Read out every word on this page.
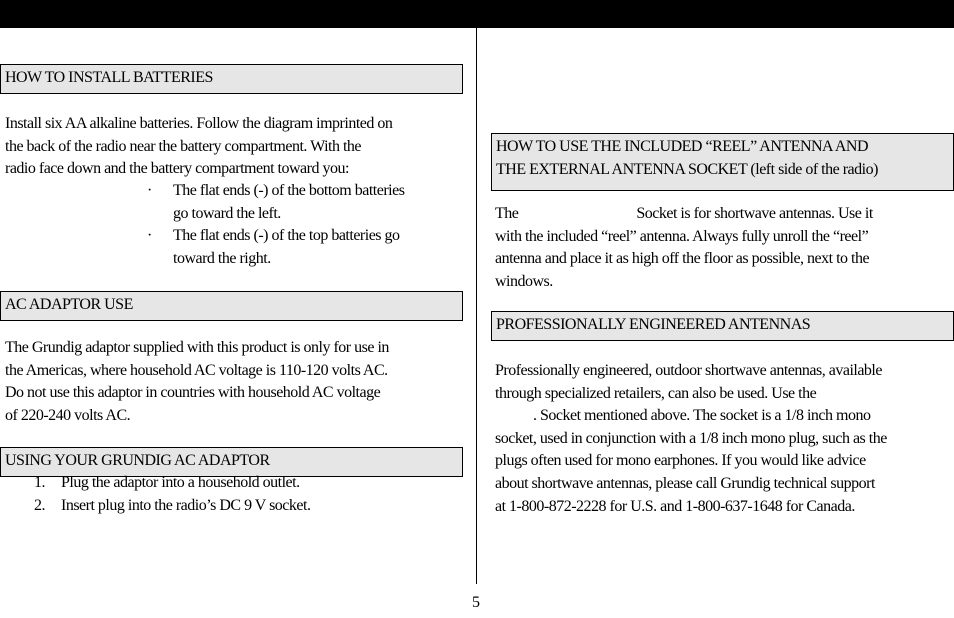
HOW TO INSTALL BATTERIES
Install six AA alkaline batteries. Follow the diagram imprinted on
the back of the radio near the battery compartment. With the
radio face down and the battery compartment toward you:
· The flat ends (-) of the bottom batteries
go toward the left.
· The flat ends (-) of the top batteries go
toward the right.
AC ADAPTOR USE
The Grundig adaptor supplied with this product is only for use in
the Americas, where household AC voltage is 110-120 volts AC.
Do not use this adaptor in countries with household AC voltage
of 220-240 volts AC.
USING YOUR GRUNDIG AC ADAPTOR
1. Plug the adaptor into a household outlet.
2. Insert plug into the radio’s DC 9 V socket.
HOW TO USE THE INCLUDED “REEL” ANTENNA AND
THE EXTERNAL ANTENNA SOCKET (left side of the radio)
The	Socket is for shortwave antennas. Use it
with the included “reel” antenna. Always fully unroll the “reel”
antenna and place it as high off the floor as possible, next to the
windows.
PROFESSIONALLY ENGINEERED ANTENNAS
Professionally engineered, outdoor shortwave antennas, available
through specialized retailers, can also be used. Use the
. Socket mentioned above. The socket is a 1/8 inch mono
socket, used in conjunction with a 1/8 inch mono plug, such as the
plugs often used for mono earphones. If you would like advice
about shortwave antennas, please call Grundig technical support
at 1-800-872-2228 for U.S. and 1-800-637-1648 for Canada.
5
